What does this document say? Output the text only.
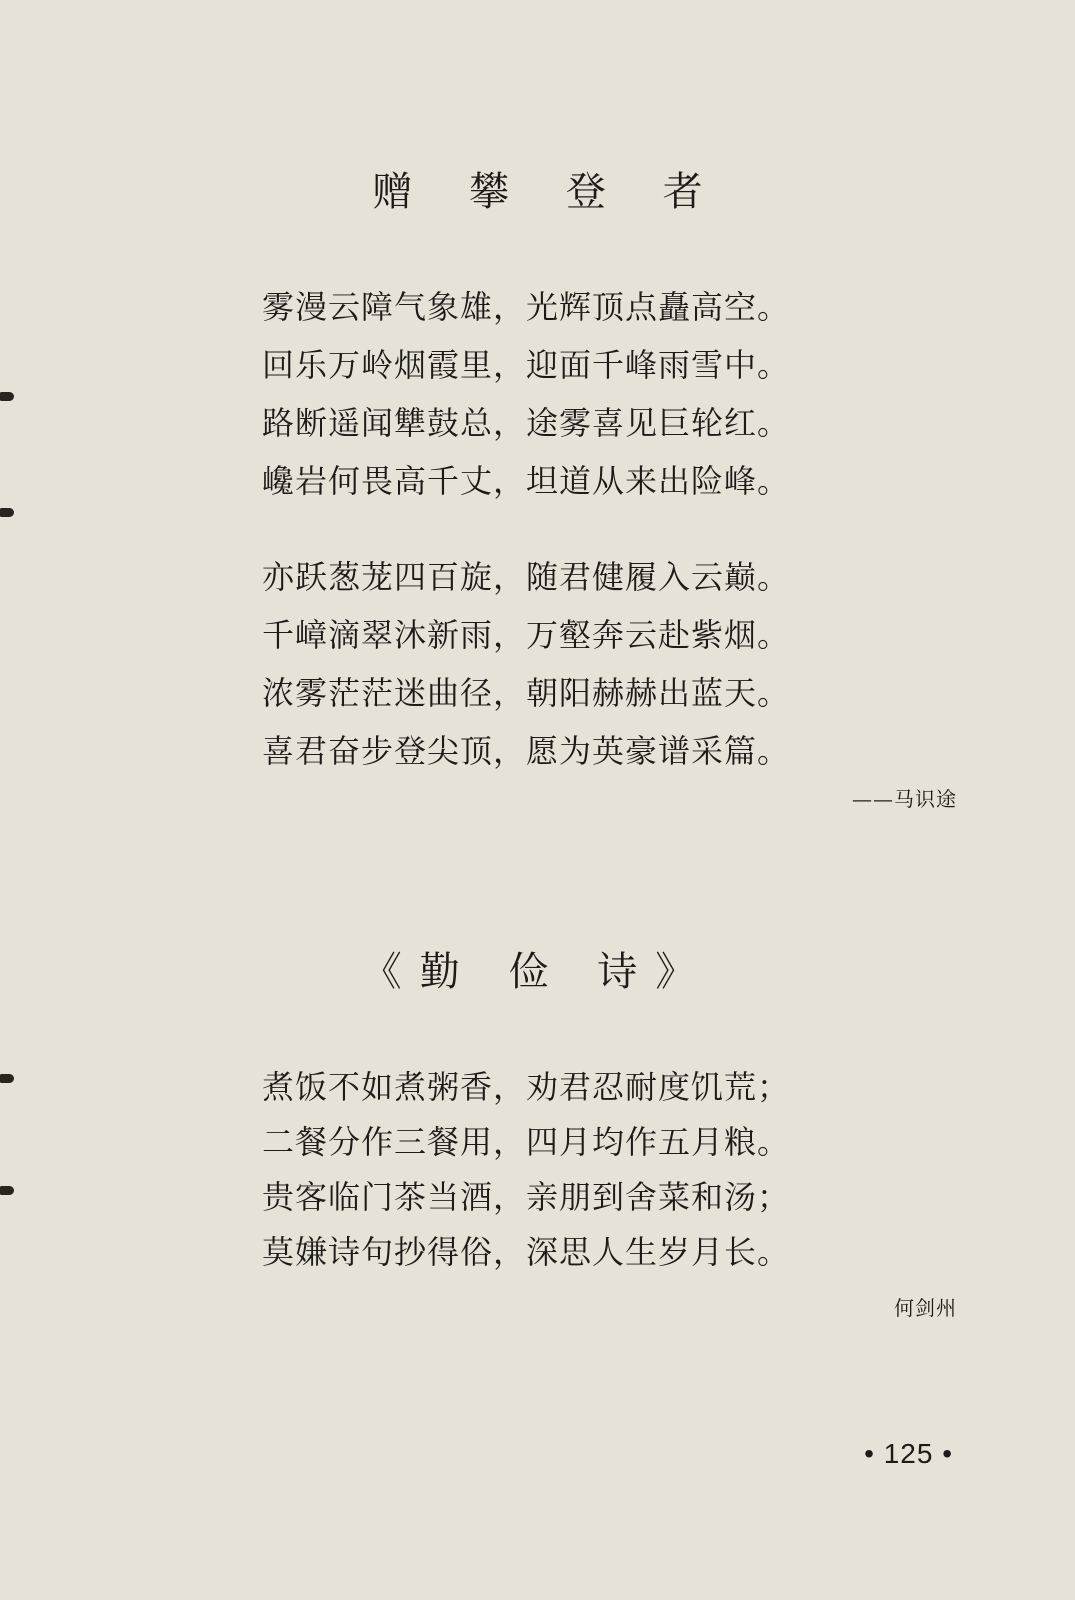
赠 攀 登 者
雾漫云障气象雄，光辉顶点矗高空。
回乐万岭烟霞里，迎面千峰雨雪中。
路断遥闻犨鼓总，途雾喜见巨轮红。
巉岩何畏高千丈，坦道从来出险峰。
亦跃葱茏四百旋，随君健履入云巅。
千嶂滴翠沐新雨，万壑奔云赴紫烟。
浓雾茫茫迷曲径，朝阳赫赫出蓝天。
喜君奋步登尖顶，愿为英豪谱采篇。
——马识途
《勤 俭 诗》
煮饭不如煮粥香，劝君忍耐度饥荒；
二餐分作三餐用，四月均作五月粮。
贵客临门茶当酒，亲朋到舍菜和汤；
莫嫌诗句抄得俗，深思人生岁月长。
何剑州
• 125 •
